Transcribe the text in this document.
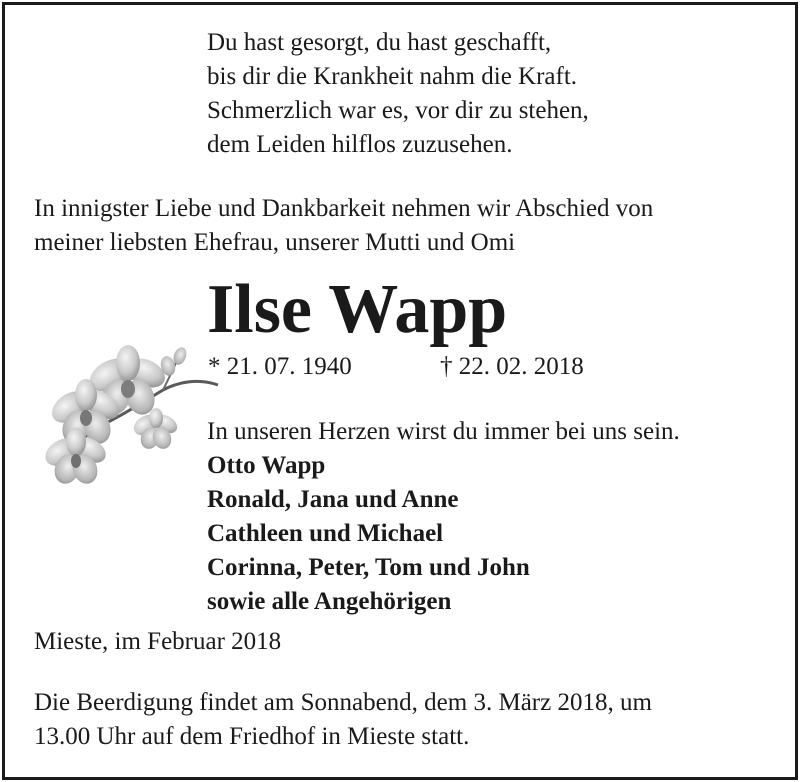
Du hast gesorgt, du hast geschafft,
bis dir die Krankheit nahm die Kraft.
Schmerzlich war es, vor dir zu stehen,
dem Leiden hilflos zuzusehen.
In innigster Liebe und Dankbarkeit nehmen wir Abschied von
meiner liebsten Ehefrau, unserer Mutti und Omi
Ilse Wapp
* 21. 07. 1940	† 22. 02. 2018
In unseren Herzen wirst du immer bei uns sein.
Otto Wapp
Ronald, Jana und Anne
Cathleen und Michael
Corinna, Peter, Tom und John
sowie alle Angehörigen
Mieste, im Februar 2018
Die Beerdigung findet am Sonnabend, dem 3. März 2018, um
13.00 Uhr auf dem Friedhof in Mieste statt.
